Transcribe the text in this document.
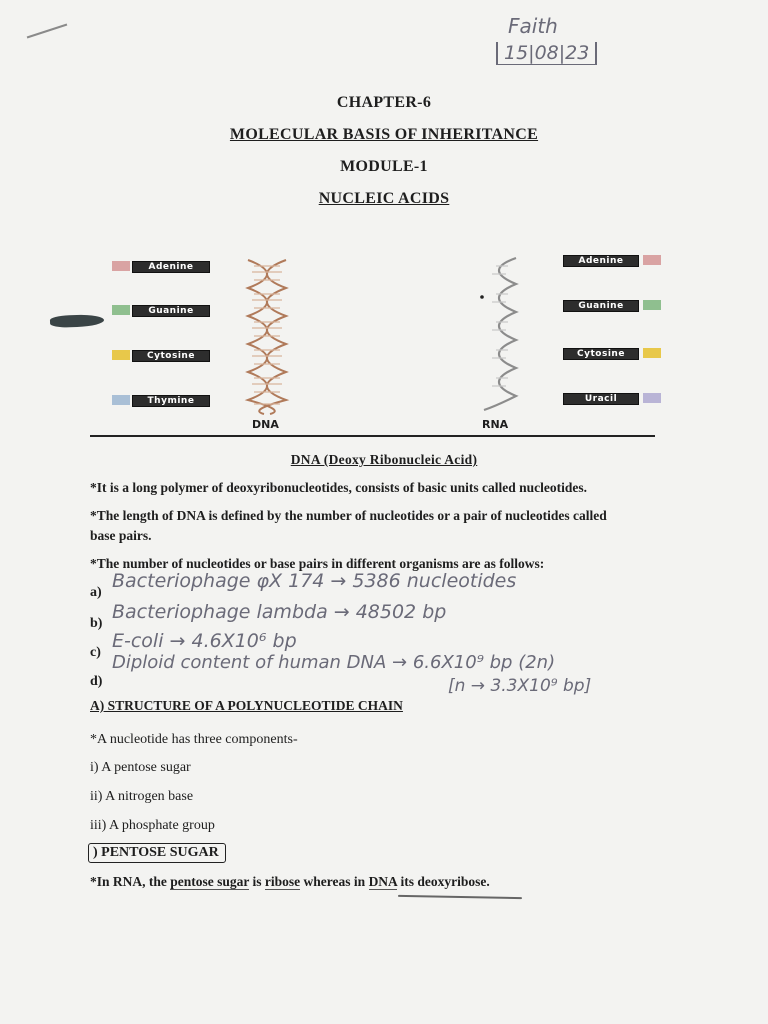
Faith
15|08|23
CHAPTER-6
MOLECULAR BASIS OF INHERITANCE
MODULE-1
NUCLEIC ACIDS
Adenine
Guanine
Cytosine
Thymine
DNA	RNA
Adenine
Guanine
Cytosine
Uracil
DNA (Deoxy Ribonucleic Acid)
*It is a long polymer of deoxyribonucleotides, consists of basic units called nucleotides.
*The length of DNA is defined by the number of nucleotides or a pair of nucleotides called
base pairs.
*The number of nucleotides or base pairs in different organisms are as follows:
a)
Bacteriophage φX 174 → 5386 nucleotides
b)
Bacteriophage lambda → 48502 bp
c)
E-coli → 4.6X10⁶ bp
d)
Diploid content of human DNA → 6.6X10⁹ bp (2n)
[n → 3.3X10⁹ bp]
A) STRUCTURE OF A POLYNUCLEOTIDE CHAIN
*A nucleotide has three components-
i) A pentose sugar
ii) A nitrogen base
iii) A phosphate group
) PENTOSE SUGAR
*In RNA, the pentose sugar is ribose whereas in DNA its deoxyribose.
